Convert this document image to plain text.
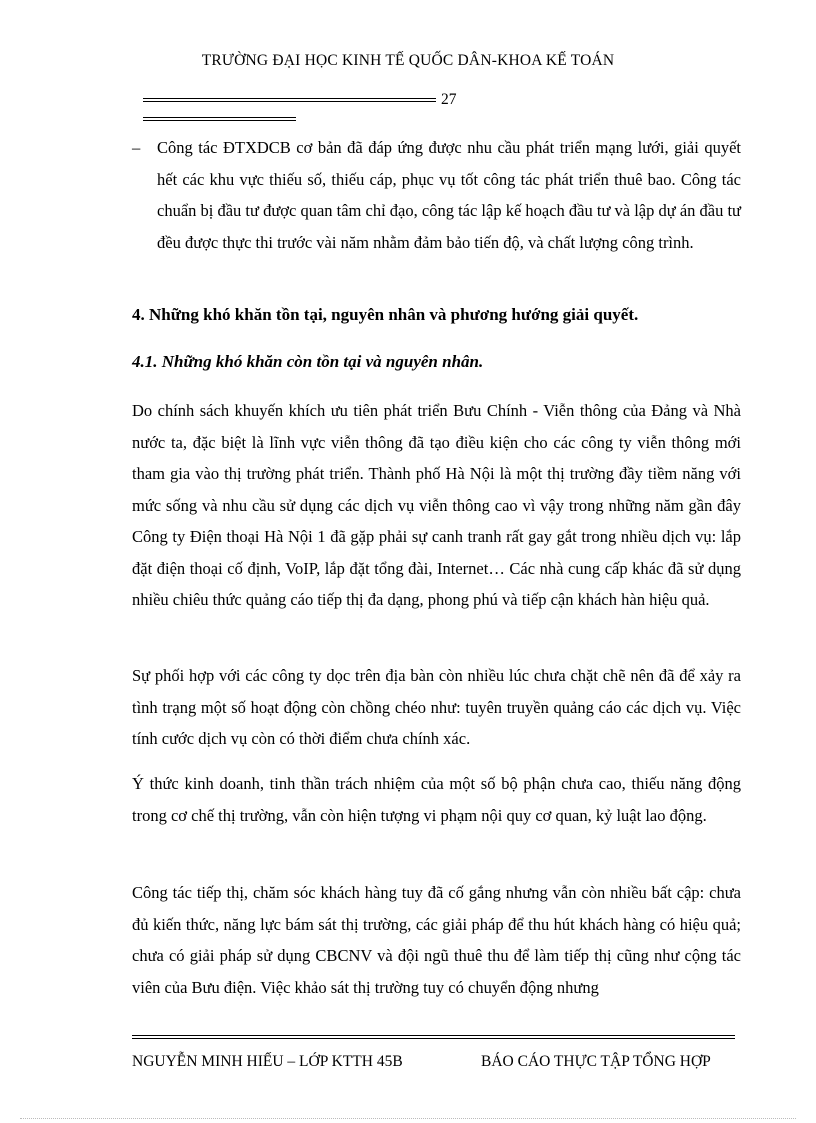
TRƯỜNG ĐẠI HỌC KINH TẾ QUỐC DÂN-KHOA KẾ TOÁN
27
– Công tác ĐTXDCB cơ bản đã đáp ứng được nhu cầu phát triển mạng lưới, giải quyết hết các khu vực thiếu số, thiếu cáp, phục vụ tốt công tác phát triển thuê bao. Công tác chuẩn bị đầu tư được quan tâm chỉ đạo, công tác lập kế hoạch đầu tư và lập dự án đầu tư đều được thực thi trước vài năm nhằm đảm bảo tiến độ, và chất lượng công trình.
4. Những khó khăn tồn tại, nguyên nhân và phương hướng giải quyết.
4.1. Những khó khăn còn tồn tại và nguyên nhân.
Do chính sách khuyến khích ưu tiên phát triển Bưu Chính - Viễn thông của Đảng và Nhà nước ta, đặc biệt là lĩnh vực viễn thông đã tạo điều kiện cho các công ty viễn thông mới tham gia vào thị trường phát triển. Thành phố Hà Nội là một thị trường đầy tiềm năng với mức sống và nhu cầu sử dụng các dịch vụ viễn thông cao vì vậy trong những năm gần đây Công ty Điện thoại Hà Nội 1 đã gặp phải sự canh tranh rất gay gắt trong nhiều dịch vụ: lắp đặt điện thoại cố định, VoIP, lắp đặt tổng đài, Internet… Các nhà cung cấp khác đã sử dụng nhiều chiêu thức quảng cáo tiếp thị đa dạng, phong phú và tiếp cận khách hàn hiệu quả.
Sự phối hợp với các công ty dọc trên địa bàn còn nhiều lúc chưa chặt chẽ nên đã để xảy ra tình trạng một số hoạt động còn chồng chéo như: tuyên truyền quảng cáo các dịch vụ. Việc tính cước dịch vụ còn có thời điểm chưa chính xác.
Ý thức kinh doanh, tinh thần trách nhiệm của một số bộ phận chưa cao, thiếu năng động trong cơ chế thị trường, vẫn còn hiện tượng vi phạm nội quy cơ quan, kỷ luật lao động.
Công tác tiếp thị, chăm sóc khách hàng tuy đã cố gắng nhưng vẫn còn nhiều bất cập: chưa đủ kiến thức, năng lực bám sát thị trường, các giải pháp để thu hút khách hàng có hiệu quả; chưa có giải pháp sử dụng CBCNV và đội ngũ thuê thu để làm tiếp thị cũng như cộng tác viên của Bưu điện. Việc khảo sát thị trường tuy có chuyển động nhưng
NGUYỄN MINH HIẾU – LỚP KTTH 45B	BÁO CÁO THỰC TẬP TỔNG HỢP
